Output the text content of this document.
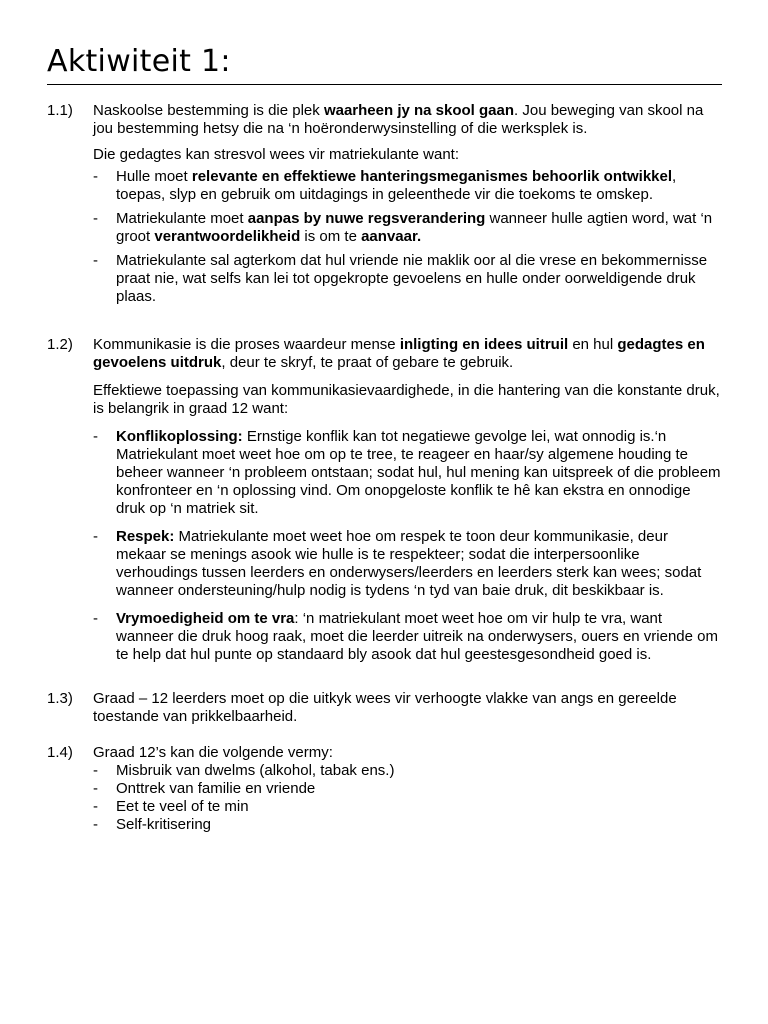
Aktiwiteit 1:
1.1)	Naskoolse bestemming is die plek waarheen jy na skool gaan. Jou beweging van skool na jou bestemming hetsy die na ‘n hoëronderwysinstelling of die werksplek is.

Die gedagtes kan stresvol wees vir matriekulante want:

-	Hulle moet relevante en effektiewe hanteringsmeganismes behoorlik ontwikkel, toepas, slyp en gebruik om uitdagings in geleenthede vir die toekoms te omskep.
-	Matriekulante moet aanpas by nuwe regsverandering wanneer hulle agtien word, wat ‘n groot verantwoordelikheid is om te aanvaar.
-	Matriekulante sal agterkom dat hul vriende nie maklik oor al die vrese en bekommernisse praat nie, wat selfs kan lei tot opgekropte gevoelens en hulle onder oorweldigende druk plaas.
1.2)	Kommunikasie is die proses waardeur mense inligting en idees uitruil en hul gedagtes en gevoelens uitdruk, deur te skryf, te praat of gebare te gebruik.

Effektiewe toepassing van kommunikasievaardighede, in die hantering van die konstante druk, is belangrik in graad 12 want:

-	Konflikoplossing: Ernstige konflik kan tot negatiewe gevolge lei, wat onnodig is.‘n Matriekulant moet weet hoe om op te tree, te reageer en haar/sy algemene houding te beheer wanneer ‘n probleem ontstaan; sodat hul, hul mening kan uitspreek of die probleem konfronteer en ‘n oplossing vind. Om onopgeloste konflik te hê kan ekstra en onnodige druk op ‘n matriek sit.
-	Respek: Matriekulante moet weet hoe om respek te toon deur kommunikasie, deur mekaar se menings asook wie hulle is te respekteer; sodat die interpersoonlike verhoudings tussen leerders en onderwysers/leerders en leerders sterk kan wees; sodat wanneer ondersteuning/hulp nodig is tydens ‘n tyd van baie druk, dit beskikbaar is.
-	Vrymoedigheid om te vra: ‘n matriekulant moet weet hoe om vir hulp te vra, want wanneer die druk hoog raak, moet die leerder uitreik na onderwysers, ouers en vriende om te help dat hul punte op standaard bly asook dat hul geestesgesondheid goed is.
1.3)	Graad – 12 leerders moet op die uitkyk wees vir verhoogte vlakke van angs en gereelde toestande van prikkelbaarheid.

1.4)	Graad 12’s kan die volgende vermy:

-	Misbruik van dwelms (alkohol, tabak ens.)
-	Onttrek van familie en vriende
-	Eet te veel of te min
-	Self-kritisering
